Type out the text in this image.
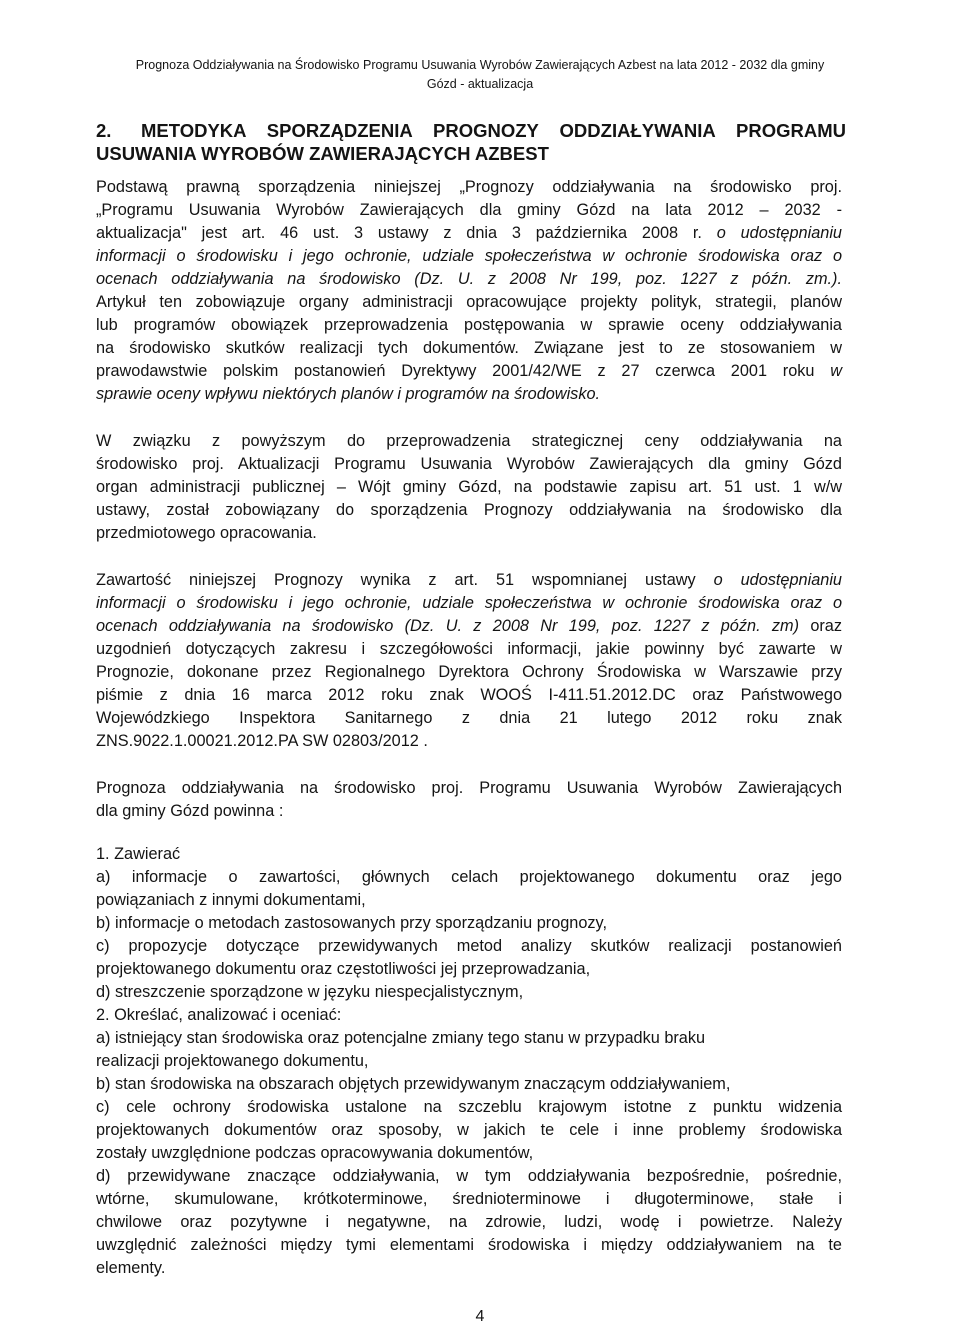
Prognoza Oddziaływania na Środowisko Programu Usuwania Wyrobów Zawierających Azbest na lata 2012 - 2032 dla gminy
Gózd - aktualizacja
2.	METODYKA SPORZĄDZENIA PROGNOZY ODDZIAŁYWANIA PROGRAMU
USUWANIA WYROBÓW ZAWIERAJĄCYCH AZBEST
Podstawą prawną sporządzenia niniejszej „Prognozy oddziaływania na środowisko proj.
„Programu Usuwania Wyrobów Zawierających dla gminy Gózd na lata 2012 – 2032 -
aktualizacja" jest art. 46 ust. 3 ustawy z dnia 3 października 2008 r. o udostępnianiu
informacji o środowisku i jego ochronie, udziale społeczeństwa w ochronie środowiska oraz o
ocenach oddziaływania na środowisko (Dz. U. z 2008 Nr 199, poz. 1227 z późn. zm.).
Artykuł ten zobowiązuje organy administracji opracowujące projekty polityk, strategii, planów
lub programów obowiązek przeprowadzenia postępowania w sprawie oceny oddziaływania
na środowisko skutków realizacji tych dokumentów. Związane jest to ze stosowaniem w
prawodawstwie polskim postanowień Dyrektywy 2001/42/WE z 27 czerwca 2001 roku w
sprawie oceny wpływu niektórych planów i programów na środowisko.
W związku z powyższym do przeprowadzenia strategicznej ceny oddziaływania na
środowisko proj. Aktualizacji Programu Usuwania Wyrobów Zawierających dla gminy Gózd
organ administracji publicznej – Wójt gminy Gózd, na podstawie zapisu art. 51 ust. 1 w/w
ustawy, został zobowiązany do sporządzenia Prognozy oddziaływania na środowisko dla
przedmiotowego opracowania.
Zawartość niniejszej Prognozy wynika z art. 51 wspomnianej ustawy o udostępnianiu
informacji o środowisku i jego ochronie, udziale społeczeństwa w ochronie środowiska oraz o
ocenach oddziaływania na środowisko (Dz. U. z 2008 Nr 199, poz. 1227 z późn. zm) oraz
uzgodnień dotyczących zakresu i szczegółowości informacji, jakie powinny być zawarte w
Prognozie, dokonane przez Regionalnego Dyrektora Ochrony Środowiska w Warszawie przy
piśmie z dnia 16 marca 2012 roku znak WOOŚ I-411.51.2012.DC oraz Państwowego
Wojewódzkiego Inspektora Sanitarnego z dnia 21 lutego 2012 roku znak
ZNS.9022.1.00021.2012.PA SW 02803/2012 .
Prognoza oddziaływania na środowisko proj. Programu Usuwania Wyrobów Zawierających
dla gminy Gózd powinna :
1. Zawierać
a) informacje o zawartości, głównych celach projektowanego dokumentu oraz jego
powiązaniach z innymi dokumentami,
b) informacje o metodach zastosowanych przy sporządzaniu prognozy,
c) propozycje dotyczące przewidywanych metod analizy skutków realizacji postanowień
projektowanego dokumentu oraz częstotliwości jej przeprowadzania,
d) streszczenie sporządzone w języku niespecjalistycznym,
2. Określać, analizować i oceniać:
a) istniejący stan środowiska oraz potencjalne zmiany tego stanu w przypadku braku
realizacji projektowanego dokumentu,
b) stan środowiska na obszarach objętych przewidywanym znaczącym oddziaływaniem,
c) cele ochrony środowiska ustalone na szczeblu krajowym istotne z punktu widzenia
projektowanych dokumentów oraz sposoby, w jakich te cele i inne problemy środowiska
zostały uwzględnione podczas opracowywania dokumentów,
d) przewidywane znaczące oddziaływania, w tym oddziaływania bezpośrednie, pośrednie,
wtórne, skumulowane, krótkoterminowe, średnioterminowe i długoterminowe, stałe i
chwilowe oraz pozytywne i negatywne, na zdrowie, ludzi, wodę i powietrze. Należy
uwzględnić zależności między tymi elementami środowiska i między oddziaływaniem na te
elementy.
4
